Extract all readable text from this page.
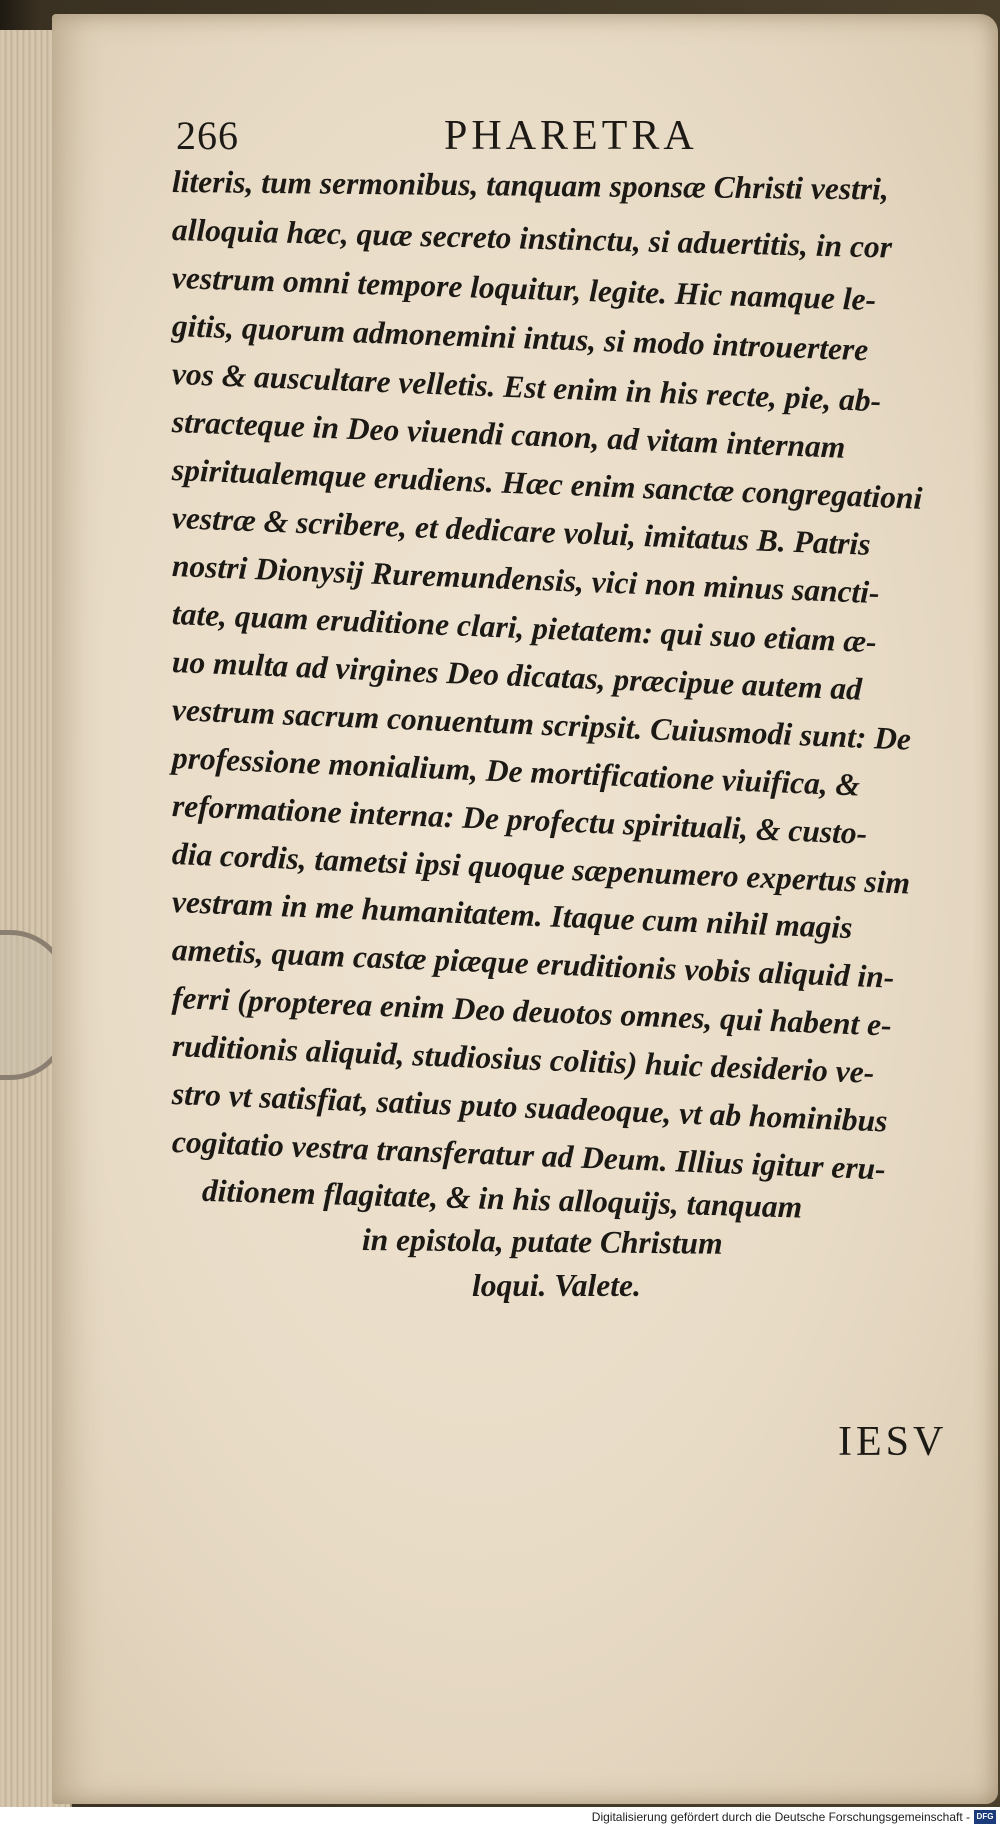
266	PHARETRA
literis, tum sermonibus, tanquam sponsæ Christi vestri,
alloquia hæc, quæ secreto instinctu, si aduertitis, in cor
vestrum omni tempore loquitur, legite. Hic namque le-
gitis, quorum admonemini intus, si modo introuertere
vos & auscultare velletis. Est enim in his recte, pie, ab-
stracteque in Deo viuendi canon, ad vitam internam
spiritualemque erudiens. Hæc enim sanctæ congregationi
vestræ & scribere, et dedicare volui, imitatus B. Patris
nostri Dionysij Ruremundensis, vici non minus sancti-
tate, quam eruditione clari, pietatem: qui suo etiam æ-
uo multa ad virgines Deo dicatas, præcipue autem ad
vestrum sacrum conuentum scripsit. Cuiusmodi sunt: De
professione monialium, De mortificatione viuifica, &
reformatione interna: De profectu spirituali, & custo-
dia cordis, tametsi ipsi quoque sæpenumero expertus sim
vestram in me humanitatem. Itaque cum nihil magis
ametis, quam castæ piæque eruditionis vobis aliquid in-
ferri (propterea enim Deo deuotos omnes, qui habent e-
ruditionis aliquid, studiosius colitis) huic desiderio ve-
stro vt satisfiat, satius puto suadeoque, vt ab hominibus
cogitatio vestra transferatur ad Deum. Illius igitur eru-
ditionem flagitate, & in his alloquijs, tanquam
in epistola, putate Christum
loqui. Valete.
IESV
Digitalisierung gefördert durch die Deutsche Forschungsgemeinschaft - DFG
